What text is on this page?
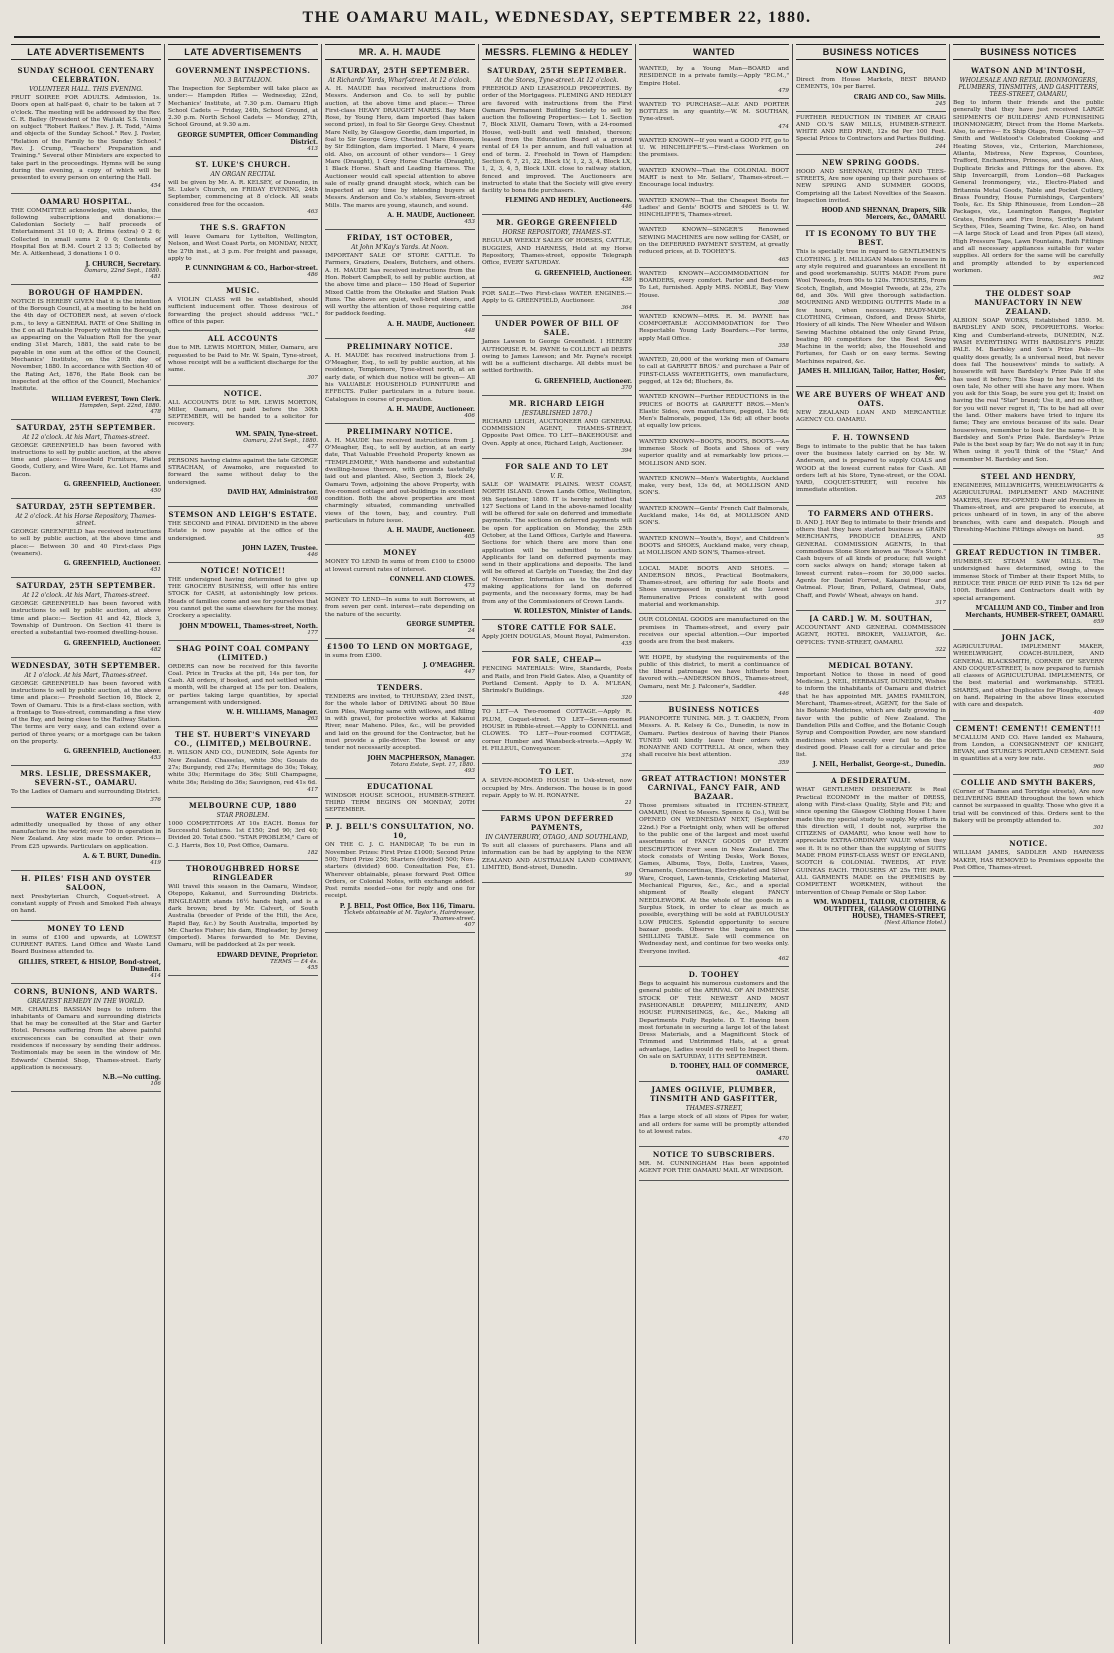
THE OAMARU MAIL, WEDNESDAY, SEPTEMBER 22, 1880.
LATE ADVERTISEMENTS
SUNDAY SCHOOL CENTENARY CELEBRATION.
VOLUNTEER HALL. THIS EVENING.
FRUIT SOIREE FOR ADULTS. Admission, 1s. Doors open at half-past 6, chair to be taken at 7 o'clock. The meeting will be addressed by the Rev. C. R. Bailey (President of the Waitaki S.S. Union) on subject "Robert Raikes." Rev. J. R. Todd, "Aims and objects of the Sunday School." Rev. J. Foster, "Relation of the Family to the Sunday School." Rev. J. Crump, "Teachers' Preparation and Training." Several other Ministers are expected to take part in the proceedings. Hymns will be sung during the evening, a copy of which will be presented to every person on entering the Hall.
454
OAMARU HOSPITAL.
THE COMMITTEE acknowledge, with thanks, the following subscriptions and donations:— Caledonian Society — half proceeds of Entertainment 31 10 0; A. Brims (extra) 0 2 6; Collected in small sums 2 0 0; Contents of Hospital Box at B.M. Court 2 13 5; Collected by Mr. A. Aitkenhead, 3 donations 1 0 0.
J. CHURCH, Secretary.
Oamaru, 22nd Sept., 1880.
481
BOROUGH OF HAMPDEN.
NOTICE IS HEREBY GIVEN that it is the intention of the Borough Council, at a meeting to be held on the 4th day of OCTOBER next, at seven o'clock p.m., to levy a GENERAL RATE of One Shilling in the £ on all Rateable Property within the Borough, as appearing on the Valuation Roll for the year ending 31st March, 1881, the said rate to be payable in one sum at the office of the Council, Mechanics' Institute, on the 20th day of November, 1880. In accordance with Section 40 of the Rating Act, 1876, the Rate Book can be inspected at the office of the Council, Mechanics' Institute.
WILLIAM EVEREST, Town Clerk.
Hampden, Sept. 22nd, 1880.
478
SATURDAY, 25TH SEPTEMBER.
At 12 o'clock. At his Mart, Thames-street.
GEORGE GREENFIELD has been favored with instructions to sell by public auction, at the above time and place:— Household Furniture, Plated Goods, Cutlery, and Wire Ware, &c. Lot Hams and Bacon.
G. GREENFIELD, Auctioneer.
450
SATURDAY, 25TH SEPTEMBER.
At 2 o'clock. At his Horse Repository, Thames-street.
GEORGE GREENFIELD has received instructions to sell by public auction, at the above time and place:— Between 30 and 40 First-class Pigs (weaners).
G. GREENFIELD, Auctioneer.
451
SATURDAY, 25TH SEPTEMBER.
At 12 o'clock. At his Mart, Thames-street.
GEORGE GREENFIELD has been favored with instructions to sell by public auction, at above time and place:— Section 41 and 42, Block 3, Township of Duntroon. On Section 41 there is erected a substantial two-roomed dwelling-house.
G. GREENFIELD, Auctioneer.
482
WEDNESDAY, 30TH SEPTEMBER.
At 1 o'clock. At his Mart, Thames-street.
GEORGE GREENFIELD has been favored with instructions to sell by public auction, at the above time and place:— Freehold Section 16, Block 2, Town of Oamaru. This is a first-class section, with a frontage to Tees-street, commanding a fine view of the Bay, and being close to the Railway Station. The terms are very easy, and can extend over a period of three years; or a mortgage can be taken on the property.
G. GREENFIELD, Auctioneer.
453
MRS. LESLIE, DRESSMAKER, SEVERN-ST., OAMARU.
To the Ladies of Oamaru and surrounding District.
376
WATER ENGINES,
admittedly unequalled by those of any other manufacture in the world; over 700 in operation in New Zealand. Any size made to order. Prices—From £25 upwards. Particulars on application.
A. & T. BURT, Dunedin.
419
H. PILES' FISH AND OYSTER SALOON,
next Presbyterian Church, Coquet-street. A constant supply of Fresh and Smoked Fish always on hand.
MONEY TO LEND
in sums of £100 and upwards, at LOWEST CURRENT RATES. Land Office and Waste Land Board Business attended to.
GILLIES, STREET, & HISLOP, Bond-street, Dunedin.
414
CORNS, BUNIONS, AND WARTS.
GREATEST REMEDY IN THE WORLD.
MR. CHARLES BASSIAN begs to inform the inhabitants of Oamaru and surrounding districts that he may be consulted at the Star and Garter Hotel. Persons suffering from the above painful excrescences can be consulted at their own residences if necessary by sending their address. Testimonials may be seen in the window of Mr. Edwards' Chemist Shop, Thames-street. Early application is necessary.
N.B.—No cutting.
106
LATE ADVERTISEMENTS
GOVERNMENT INSPECTIONS.
NO. 3 BATTALION.
The Inspection for September will take place as under:— Hampden Rifles — Wednesday, 22nd, Mechanics' Institute, at 7.30 p.m. Oamaru High School Cadets — Friday, 24th, School Ground, at 2.30 p.m. North School Cadets — Monday, 27th, School Ground, at 9.30 a.m.
GEORGE SUMPTER, Officer Commanding District.
413
ST. LUKE'S CHURCH.
AN ORGAN RECITAL
will be given by Mr. A. R. KELSEY, of Dunedin, in St. Luke's Church, on FRIDAY EVENING, 24th September, commencing at 8 o'clock. All seats considered free for the occasion.
463
THE S.S. GRAFTON
will leave Oamaru for Lyttelton, Wellington, Nelson, and West Coast Ports, on MONDAY, NEXT, the 27th inst., at 3 p.m. For freight and passage, apply to
P. CUNNINGHAM & CO., Harbor-street.
486
MUSIC.
A VIOLIN CLASS will be established, should sufficient inducement offer. Those desirous of forwarding the project should address "W.L." office of this paper.
ALL ACCOUNTS
due to MR. LEWIS MORTON, Miller, Oamaru, are requested to be Paid to Mr. W. Spain, Tyne-street, whose receipt will be a sufficient discharge for the same.
307
NOTICE.
ALL ACCOUNTS DUE to MR. LEWIS MORTON, Miller, Oamaru, not paid before the 30th SEPTEMBER, will be handed to a solicitor for recovery.
WM. SPAIN, Tyne-street.
Oamaru, 21st Sept., 1880.
477
PERSONS having claims against the late GEORGE STRACHAN, of Awamoko, are requested to forward the same without delay to the undersigned.
DAVID HAY, Administrator.
468
STEMSON AND LEIGH'S ESTATE.
THE SECOND and FINAL DIVIDEND in the above Estate is now payable at the office of the undersigned.
JOHN LAZEN, Trustee.
446
NOTICE! NOTICE!!
THE undersigned having determined to give up THE GROCERY BUSINESS, will offer his entire STOCK for CASH, at astonishingly low prices. Heads of families come and see for yourselves that you cannot get the same elsewhere for the money. Crockery a speciality.
JOHN M'DOWELL, Thames-street, North.
177
SHAG POINT COAL COMPANY (LIMITED.)
ORDERS can now be received for this favorite Coal. Price in Trucks at the pit, 14s per ton, for Cash. All orders, if booked, and not settled within a month, will be charged at 15s per ton. Dealers, or parties taking large quantities, by special arrangement with undersigned.
W. H. WILLIAMS, Manager.
263
THE ST. HUBERT'S VINEYARD CO., (LIMITED,) MELBOURNE.
R. WILSON AND CO., DUNEDIN, Sole Agents for New Zealand. Chasselas, white 30s; Gouais do 27s; Burgundy, red 27s; Hermitage do 30s; Tokay, white 30s; Hermitage do 36s; Still Champagne, white 36s; Reisling do 36s; Sauvignon, red 41s 6d.
417
MELBOURNE CUP, 1880
STAR PROBLEM.
1000 COMPETITORS AT 10s EACH. Bonus for Successful Solutions. 1st £150; 2nd 90; 3rd 40; Divided 20. Total £500. "STAR PROBLEM," Care of C. J. Harris, Box 10, Post Office, Oamaru.
182
THOROUGHBRED HORSE RINGLEADER
Will travel this season in the Oamaru, Windsor, Otepopo, Kakanui, and Surrounding Districts. RINGLEADER stands 16½ hands high, and is a dark brown; bred by Mr. Calvert, of South Australia (breeder of Pride of the Hill, the Ace, Rapid Bay, &c.) by South Australia, imported by Mr. Charles Fisher; his dam, Ringleader, by Jersey (imported). Mares forwarded to Mr. Devine, Oamaru, will be paddocked at 2s per week.
EDWARD DEVINE, Proprietor.
TERMS — £4 4s.
455
MR. A. H. MAUDE
SATURDAY, 25TH SEPTEMBER.
At Richards' Yards, Wharf-street. At 12 o'clock.
A. H. MAUDE has received instructions from Messrs. Anderson and Co. to sell by public auction, at the above time and place:— Three First-class HEAVY DRAUGHT MARES. Bay Mare Rose, by Young Hero, dam imported (has taken second prize), in foal to Sir George Grey. Chestnut Mare Nelly, by Glasgow Geordie, dam imported, in foal to Sir George Grey. Chestnut Mare Blossom, by Sir Ediington, dam imported. 1 Mare, 4 years old. Also, on account of other vendors— 1 Grey Mare (Draught), 1 Grey Horse Charlie (Draught), 1 Black Horse. Shaft and Leading Harness. The Auctioneer would call special attention to above sale of really grand draught stock, which can be inspected at any time by intending buyers at Messrs. Anderson and Co.'s stables, Severn-street Mills. The mares are young, staunch, and sound.
A. H. MAUDE, Auctioneer.
453
FRIDAY, 1ST OCTOBER,
At John M'Kay's Yards. At Noon.
IMPORTANT SALE OF STORE CATTLE. To Farmers, Graziers, Dealers, Butchers, and others. A. H. MAUDE has received instructions from the Hon. Robert Campbell, to sell by public auction, at the above time and place— 150 Head of Superior Mixed Cattle from the Otekaike and Station Peak Runs. The above are quiet, well-bred steers, and will worthy the attention of those requiring cattle for paddock feeding.
A. H. MAUDE, Auctioneer.
448
PRELIMINARY NOTICE.
A. H. MAUDE has received instructions from J. O'Meagher, Esq., to sell by public auction, at his residence, Templemore, Tyne-street north, at an early date, of which due notice will be given— All his VALUABLE HOUSEHOLD FURNITURE and EFFECTS. Fuller particulars in a future issue. Catalogues in course of preparation.
A. H. MAUDE, Auctioneer.
406
PRELIMINARY NOTICE.
A. H. MAUDE has received instructions from J. O'Meagher, Esq., to sell by auction, at an early date, That Valuable Freehold Property known as "TEMPLEMORE," With handsome and substantial dwelling-house thereon, with grounds tastefully laid out and planted. Also, Section 3, Block 24, Oamaru Town, adjoining the above Property, with five-roomed cottage and out-buildings in excellent condition. Both the above properties are most charmingly situated, commanding unrivalled views of the town, bay, and country. Full particulars in future issue.
A. H. MAUDE, Auctioneer.
405
MONEY
MONEY TO LEND In sums of from £100 to £5000 at lowest current rates of interest.
CONNELL AND CLOWES.
473
MONEY TO LEND—In sums to suit Borrowers, at from seven per cent. interest—rate depending on the nature of the security.
GEORGE SUMPTER.
24
£1500 TO LEND ON MORTGAGE,
in sums from £300.
J. O'MEAGHER.
447
TENDERS.
TENDERS are invited, to THURSDAY, 23rd INST., for the whole labor of DRIVING about 50 Blue Gum Piles, Warping same with willows, and filling in with gravel, for protective works at Kakanui River, near Maheno. Piles, &c., will be provided and laid on the ground for the Contractor, but he must provide a pile-driver. The lowest or any tender not necessarily accepted.
JOHN MACPHERSON, Manager.
Totara Estate, Sept. 17, 1880.
493
EDUCATIONAL
WINDSOR HOUSE SCHOOL, HUMBER-STREET. THIRD TERM BEGINS ON MONDAY, 20TH SEPTEMBER.
P. J. BELL'S CONSULTATION, NO. 10,
ON THE C. J. C. HANDICAP, To be run in November. Prizes: First Prize £1000; Second Prize 500; Third Prize 250; Starters (divided) 500; Non-starters (divided) 600. Consultation Fee, £1. Wherever obtainable, please forward Post Office Orders, or Colonial Notes, with exchange added. Post remits needed—one for reply and one for receipt.
P. J. BELL, Post Office, Box 116, Timaru.
Tickets obtainable at M. Taylor's, Hairdresser, Thames-street.
407
MESSRS. FLEMING & HEDLEY
SATURDAY, 25TH SEPTEMBER.
At the Stores, Tyne-street. At 12 o'clock.
FREEHOLD AND LEASEHOLD PROPERTIES. By order of the Mortgagees. FLEMING AND HEDLEY are favored with instructions from the First Oamaru Permanent Building Society to sell by auction the following Properties:— Lot 1. Section 7, Block XLVII, Oamaru Town, with a 24-roomed House, well-built and well finished, thereon; leased from the Education Board at a ground rental of £4 1s per annum, and full valuation at end of term. 2. Freehold in Town of Hampden: Section 6, 7, 21, 22, Block LV, 1, 2, 3, 4, Block LX, 1, 2, 3, 4, 5, Block LXII. close to railway station, fenced and improved. The Auctioneers are instructed to state that the Society will give every facility to bona fide purchasers.
FLEMING AND HEDLEY, Auctioneers.
446
MR. GEORGE GREENFIELD
HORSE REPOSITORY, THAMES-ST.
REGULAR WEEKLY SALES OF HORSES, CATTLE, BUGGIES, AND HARNESS, Held at my Horse Repository, Thames-street, opposite Telegraph Office, EVERY SATURDAY.
G. GREENFIELD, Auctioneer.
436
FOR SALE—Two First-class WATER ENGINES.—Apply to G. GREENFIELD, Auctioneer.
364
UNDER POWER OF BILL OF SALE.
James Lawson to George Greenfield. I HEREBY AUTHORISE R. M. PAYNE to COLLECT all DEBTS owing to James Lawson; and Mr. Payne's receipt will be a sufficient discharge. All debts must be settled forthwith.
G. GREENFIELD, Auctioneer.
370
MR. RICHARD LEIGH
[ESTABLISHED 1870.]
RICHARD LEIGH, AUCTIONEER AND GENERAL COMMISSION AGENT, THAMES-STREET, Opposite Post Office. TO LET—BAKEHOUSE and Oven. Apply at once, Richard Leigh, Auctioneer.
394
FOR SALE AND TO LET
V. R.
SALE OF WAIMATE PLAINS. WEST COAST, NORTH ISLAND. Crown Lands Office, Wellington, 9th September, 1880. IT is hereby notified that 127 Sections of Land in the above-named locality will be offered for sale on deferred and immediate payments. The sections on deferred payments will be open for application on Monday, the 25th October, at the Land Offices, Carlyle and Hawera. Sections for which there are more than one application will be submitted to auction. Applicants for land on deferred payments may send in their applications and deposits. The land will be offered at Carlyle on Tuesday, the 2nd day of November. Information as to the mode of making applications for land on deferred payments, and the necessary forms, may be had from any of the Commissioners of Crown Lands.
W. ROLLESTON, Minister of Lands.
STORE CATTLE FOR SALE.
Apply JOHN DOUGLAS, Mount Royal, Palmerston.
435
FOR SALE, CHEAP—
FENCING MATERIALS: Wire, Standards, Posts and Rails, and Iron Field Gates. Also, a Quantity of Portland Cement. Apply to D. A. M'LEAN, Shrimski's Buildings.
320
TO LET—A Two-roomed COTTAGE.—Apply R. PLUM, Coquet-street. TO LET—Seven-roomed HOUSE in Ribble-street.—Apply to CONNELL and CLOWES. TO LET—Four-roomed COTTAGE, corner Humber and Wansbeck-streets.—Apply W. H. FILLEUL, Conveyancer.
374
TO LET.
A SEVEN-ROOMED HOUSE in Usk-street, now occupied by Mrs. Anderson. The house is in good repair. Apply to W. H. RONAYNE.
21
FARMS UPON DEFERRED PAYMENTS,
IN CANTERBURY, OTAGO, AND SOUTHLAND,
To suit all classes of purchasers. Plans and all information can be had by applying to the NEW ZEALAND AND AUSTRALIAN LAND COMPANY, LIMITED, Bond-street, Dunedin.
99
WANTED
WANTED, by a Young Man—BOARD and RESIDENCE in a private family.—Apply "P.C.M.," Empire Hotel.
479
WANTED TO PURCHASE—ALE AND PORTER BOTTLES in any quantity.—W. M. SOUTHAN, Tyne-street.
474
WANTED KNOWN—If you want a GOOD FIT, go to U. W. HINCHLIFFE'S.—First-class Workmen on the premises.
WANTED KNOWN—That the COLONIAL BOOT MART is next to Mr. Sellars', Thames-street.—Encourage local industry.
WANTED KNOWN—That the Cheapest Boots for Ladies' and Gents' BOOTS and SHOES is U. W. HINCHLIFFE'S, Thames-street.
WANTED KNOWN—SINGER'S Renowned SEWING MACHINES are now selling for CASH, or on the DEFERRED PAYMENT SYSTEM, at greatly reduced prices, at D. TOOHEY'S.
465
WANTED KNOWN—ACCOMMODATION for BOARDERS, every comfort. Parlor and Bed-room To Let, furnished. Apply MRS. NOBLE, Bay View House.
308
WANTED KNOWN—MRS. R. M. PAYNE has COMFORTABLE ACCOMMODATION for Two Respectable Young Lady Boarders.—For terms, apply Mail Office.
358
WANTED, 20,000 of the working men of Oamaru to call at GARRETT BROS.' and purchase a Pair of FIRST-CLASS WATERTIGHTS, own manufacture, pegged, at 12s 6d; Bluchers, 8s.
WANTED KNOWN—Further REDUCTIONS in the PRICES of BOOTS at GARRETT BROS.—Men's Elastic Sides, own manufacture, pegged, 13s 6d; Men's Balmorals, pegged, 13s 6d; all other boots at equally low prices.
WANTED KNOWN—BOOTS, BOOTS, BOOTS.—An immense Stock of Boots and Shoes of very superior quality and at remarkably low prices.—MOLLISON AND SON.
WANTED KNOWN—Men's Watertights, Auckland make, very best, 13s 6d, at MOLLISON AND SON'S.
WANTED KNOWN—Gents' French Calf Balmorals, Auckland make, 14s 6d, at MOLLISON AND SON'S.
WANTED KNOWN—Youth's, Boys', and Children's BOOTS and SHOES, Auckland make, very cheap, at MOLLISON AND SON'S, Thames-street.
LOCAL MADE BOOTS AND SHOES. —ANDERSON BROS., Practical Bootmakers, Thames-street, are offering for sale Boots and Shoes unsurpassed in quality at the Lowest Remunerative Prices consistent with good material and workmanship.
OUR COLONIAL GOODS are manufactured on the premises in Thames-street, and every pair receives our special attention.—Our imported goods are from the best makers.
WE HOPE, by studying the requirements of the public of this district, to merit a continuance of the liberal patronage we have hitherto been favored with.—ANDERSON BROS., Thames-street, Oamaru, next Mr. J. Falconer's, Saddler.
446
BUSINESS NOTICES
PIANOFORTE TUNING. MR. J. T. OAKDEN, From Messrs. A. R. Kelsey & Co., Dunedin, is now in Oamaru. Parties desirous of having their Pianos TUNED will kindly leave their orders with RONAYNE AND COTTRELL. At once, when they shall receive his best attention.
359
GREAT ATTRACTION! MONSTER CARNIVAL, FANCY FAIR, AND BAZAAR.
Those premises situated in ITCHEN-STREET, OAMARU, (Next to Messrs. Spence & Co.), Will be OPENED ON WEDNESDAY NEXT, (September 22nd.) For a Fortnight only, when will be offered to the public one of the largest and most useful assortments of FANCY GOODS OF EVERY DESCRIPTION Ever seen in New Zealand. The stock consists of Writing Desks, Work Boxes, Games, Albums, Toys, Dolls, Lustres, Vases, Ornaments, Concertinas, Electro-plated and Silver Ware, Croquet, Lawn-tennis, Cricketing Material, Mechanical Figures, &c., &c., and a special shipment of Really elegant FANCY NEEDLEWORK. At the whole of the goods in a Surplus Stock, in order to clear as much as possible, everything will be sold at FABULOUSLY LOW PRICES. Splendid opportunity to secure bazaar goods. Observe the bargains on the SHILLING TABLE. Sale will commence on Wednesday next, and continue for two weeks only. Everyone invited.
462
D. TOOHEY
Begs to acquaint his numerous customers and the general public of the ARRIVAL OF AN IMMENSE STOCK OF THE NEWEST AND MOST FASHIONABLE DRAPERY, MILLINERY, AND HOUSE FURNISHINGS, &c., &c., Making all Departments Fully Replete. D. T. Having been most fortunate in securing a large lot of the latest Dress Materials, and a Magnificent Stock of Trimmed and Untrimmed Hats, at a great advantage, Ladies would do well to Inspect them. On sale on SATURDAY, 11TH SEPTEMBER.
D. TOOHEY, HALL OF COMMERCE, OAMARU.
JAMES OGILVIE, PLUMBER, TINSMITH AND GASFITTER,
THAMES-STREET,
Has a large stock of all sizes of Pipes for water, and all orders for same will be promptly attended to at lowest rates.
470
NOTICE TO SUBSCRIBERS.
MR. M. CUNNINGHAM Has been appointed AGENT FOR THE OAMARU MAIL AT WINDSOR.
BUSINESS NOTICES
NOW LANDING,
Direct from House Markets, BEST BRAND CEMENTS, 10s per Barrel.
CRAIG AND CO., Saw Mills.
245
FURTHER REDUCTION IN TIMBER AT CRAIG AND CO.'S SAW MILLS, HUMBER-STREET. WHITE AND RED PINE, 12s 6d Per 100 Feet. Special Prices to Contractors and Parties Building.
244
NEW SPRING GOODS.
HOOD AND SHENNAN, ITCHEN AND TEES-STREETS, Are now opening up their purchases of NEW SPRING AND SUMMER GOODS, Comprising all the Latest Novelties of the Season. Inspection invited.
HOOD AND SHENNAN, Drapers, Silk Mercers, &c., OAMARU.
IT IS ECONOMY TO BUY THE BEST.
This is specially true in regard to GENTLEMEN'S CLOTHING. J. H. MILLIGAN Makes to measure in any style required and guarantees an excellent fit and good workmanship. SUITS MADE From pure Wool Tweeds, from 90s to 120s. TROUSERS, From Scotch, English, and Mosgiel Tweeds, at 25s, 27s 6d, and 30s. Will give thorough satisfaction. MOURNING AND WEDDING OUTFITS Made in a few hours, when necessary. READY-MADE CLOTHING, Crimean, Oxford, and Dress Shirts, Hosiery of all kinds. The New Wheeler and Wilson Sewing Machine obtained the only Grand Prize, beating 80 competitors for the Best Sewing Machine in the world; also, the Household and Fortunes, for Cash or on easy terms. Sewing Machines repaired, &c.
JAMES H. MILLIGAN, Tailor, Hatter, Hosier, &c.
WE ARE BUYERS OF WHEAT AND OATS.
NEW ZEALAND LOAN AND MERCANTILE AGENCY CO. OAMARU.
F. H. TOWNSEND
Begs to intimate to the public that he has taken over the business lately carried on by Mr. W. Anderson, and is prepared to supply COALS and WOOD at the lowest current rates for Cash. All orders left at his Store, Tyne-street, or the COAL YARD, COQUET-STREET, will receive his immediate attention.
265
TO FARMERS AND OTHERS.
D. AND J. HAY Beg to intimate to their friends and others that they have started business as GRAIN MERCHANTS, PRODUCE DEALERS, AND GENERAL COMMISSION AGENTS, In that commodious Stone Store known as "Ross's Store." Cash buyers of all kinds of produce; full weight corn sacks always on hand; storage taken at lowest current rates—room for 30,000 sacks. Agents for Daniel Forrest, Kakanui Flour and Oatmeal. Flour, Bran, Pollard, Oatmeal, Oats, Chaff, and Fowls' Wheat, always on hand.
317
[A CARD.] W. M. SOUTHAN,
ACCOUNTANT AND GENERAL COMMISSION AGENT, HOTEL BROKER, VALUATOR, &c. OFFICES: TYNE-STREET, OAMARU.
322
MEDICAL BOTANY.
Important Notice to those in need of good Medicine. J. NEIL, HERBALIST, DUNEDIN, Wishes to inform the inhabitants of Oamaru and district that he has appointed MR. JAMES FAMILTON, Merchant, Thames-street, AGENT, for the Sale of his Botanic Medicines, which are daily growing in favor with the public of New Zealand. The Dandelion Pills and Coffee, and the Botanic Cough Syrup and Composition Powder, are now standard medicines which scarcely ever fail to do the desired good. Please call for a circular and price list.
J. NEIL, Herbalist, George-st., Dunedin.
A DESIDERATUM.
WHAT GENTLEMEN DESIDERATE is Real Practical ECONOMY in the matter of DRESS, along with First-class Quality, Style and Fit; and since opening the Glasgow Clothing House I have made this my special study to supply. My efforts in this direction will, I doubt not, surprise the CITIZENS of OAMARU, who know well how to appreciate EXTRA-ORDINARY VALUE when they see it. It is no other than the supplying of SUITS MADE FROM FIRST-CLASS WEST OF ENGLAND, SCOTCH & COLONIAL TWEEDS, AT FIVE GUINEAS EACH. TROUSERS AT 25s THE PAIR. ALL GARMENTS MADE on the PREMISES by COMPETENT WORKMEN, without the intervention of Cheap Female or Slop Labor.
WM. WADDELL, TAILOR, CLOTHIER, & OUTFITTER, (GLASGOW CLOTHING HOUSE), THAMES-STREET,
(Next Alliance Hotel.)
BUSINESS NOTICES
WATSON AND M'INTOSH,
WHOLESALE AND RETAIL IRONMONGERS, PLUMBERS, TINSMITHS, AND GASFITTERS, TEES-STREET, OAMARU,
Beg to inform their friends and the public generally that they have just received LARGE SHIPMENTS OF BUILDERS' AND FURNISHING IRONMONGERY, Direct from the Home Markets. Also, to arrive— Ex Ship Otago, from Glasgow—37 Smith and Wellstood's Celebrated Cooking and Heating Stoves, viz., Criterion, Marchioness, Atlanta, Mistress, New Express, Countess, Trafford, Enchantress, Princess, and Queen. Also, Duplicate Bricks and Fittings for the above. Ex Ship Invercargill, from London—68 Packages General Ironmongery, viz., Electro-Plated and Britannia Metal Goods, Table and Pocket Cutlery, Brass Foundry, House Furnishings, Carpenters' Tools, &c. Ex Ship Rhinousue, from London—28 Packages, viz., Leamington Ranges, Register Grates, Fenders and Fire Irons, Scriby's Patent Scythes, Files, Seaming Twine, &c. Also, on hand—A large Stock of Lead and Iron Pipes (all sizes), High Pressure Taps, Lawn Fountains, Bath Fittings and all necessary appliances suitable for water supplies. All orders for the same will be carefully and promptly attended to by experienced workmen.
962
THE OLDEST SOAP MANUFACTORY IN NEW ZEALAND.
ALBION SOAP WORKS, Established 1859. M. BARDSLEY AND SON, PROPRIETORS. Works: King and Cumberland-streets, DUNEDIN, N.Z. WASH EVERYTHING WITH BARDSLEY'S PRIZE PALE. M. Bardsley and Son's Prize Pale—Its quality does greatly, Is a universal need, but never does fail The housewives' minds to satisfy. A housewife will have Bardsley's Prize Pale If she has used it before; This Soap to her has told its own tale, No other will she have any more. When you ask for this Soap, be sure you get it; Insist on having the real "Star" brand; Use it, and no other, for you will never regret it, 'Tis to be had all over the land. Other makers have tried to injure its fame; They are envious because of its sale. Dear housewives, remember to look for the name— It is Bardsley and Son's Prize Pale. Bardsley's Prize Pale is the best soap by far; We do not say it in fun; When using it you'll think of the "Star," And remember M. Bardsley and Son.
STEEL AND HENDRY,
ENGINEERS, MILLWRIGHTS, WHEELWRIGHTS & AGRICULTURAL IMPLEMENT AND MACHINE MAKERS, Have RE-OPENED their old Premises in Thames-street, and are prepared to execute, at prices unheard of in town, in any of the above branches, with care and despatch. Plough and Threshing-Machine Fittings always on hand.
95
GREAT REDUCTION IN TIMBER.
HUMBER-ST. STEAM SAW MILLS. The undersigned have determined, owing to the immense Stock of Timber at their Export Mills, to REDUCE THE PRICE OF RED PINE To 12s 6d per 100ft. Builders and Contractors dealt with by special arrangement.
M'CALLUM AND CO., Timber and Iron Merchants, HUMBER-STREET, OAMARU.
659
JOHN JACK,
AGRICULTURAL IMPLEMENT MAKER, WHEELWRIGHT, COACH-BUILDER, AND GENERAL BLACKSMITH, CORNER OF SEVERN AND COQUET-STREET, Is now prepared to furnish all classes of AGRICULTURAL IMPLEMENTS, Of the best material and workmanship. STEEL SHARES, and other Duplicates for Ploughs, always on hand. Repairing in the above lines executed with care and despatch.
409
CEMENT! CEMENT!! CEMENT!!!
M'CALLUM AND CO. Have landed ex Mahaura, from London, a CONSIGNMENT OF KNIGHT, BEVAN, and STURGE'S PORTLAND CEMENT. Sold in quantities at a very low rate.
960
COLLIE AND SMYTH BAKERS,
(Corner of Thames and Torridge streets), Are now DELIVERING BREAD throughout the town which cannot be surpassed in quality. Those who give it a trial will be convinced of this. Orders sent to the Bakery will be promptly attended to.
301
NOTICE.
WILLIAM JAMES, SADDLER AND HARNESS MAKER, HAS REMOVED to Premises opposite the Post Office, Thames-street.
